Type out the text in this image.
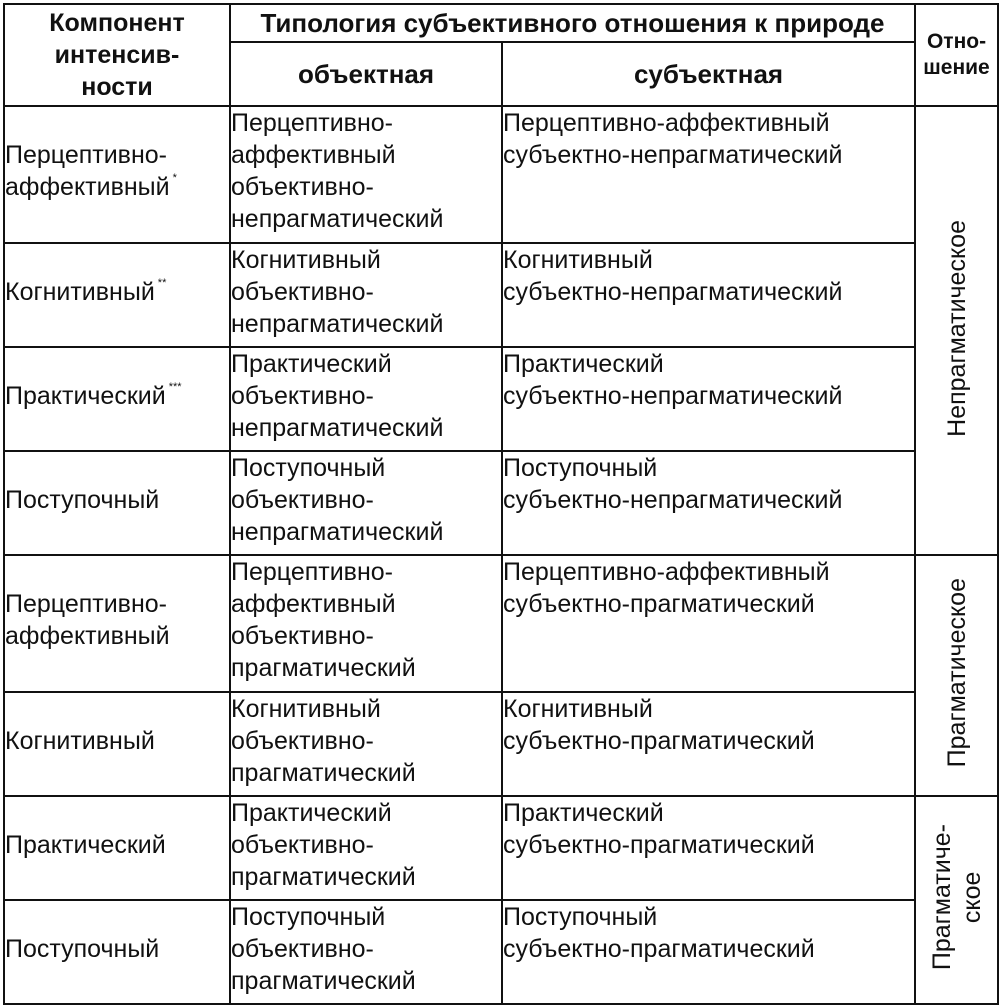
Компонент
интенсив-
ности	Типология субъективного отношения к природе		Отно-
шение
	объектная	субъектная	

Перцептивно-
аффективный *	Перцептивно-
аффективный
объективно-
непрагматический	Перцептивно-аффективный
субъектно-непрагматический	Непрагматическое

Когнитивный **	Когнитивный
объективно-
непрагматический	Когнитивный
субъектно-непрагматический	

Практический ***	Практический
объективно-
непрагматический	Практический
субъектно-непрагматический	

Поступочный	Поступочный
объективно-
непрагматический	Поступочный
субъектно-непрагматический	

Перцептивно-
аффективный	Перцептивно-
аффективный
объективно-
прагматический	Перцептивно-аффективный
субъектно-прагматический	Прагматическое

Когнитивный	Когнитивный
объективно-
прагматический	Когнитивный
субъектно-прагматический	

Практический	Практический
объективно-
прагматический	Практический
субъектно-прагматический	Прагматиче-
ское

Поступочный	Поступочный
объективно-
прагматический	Поступочный
субъектно-прагматический	
